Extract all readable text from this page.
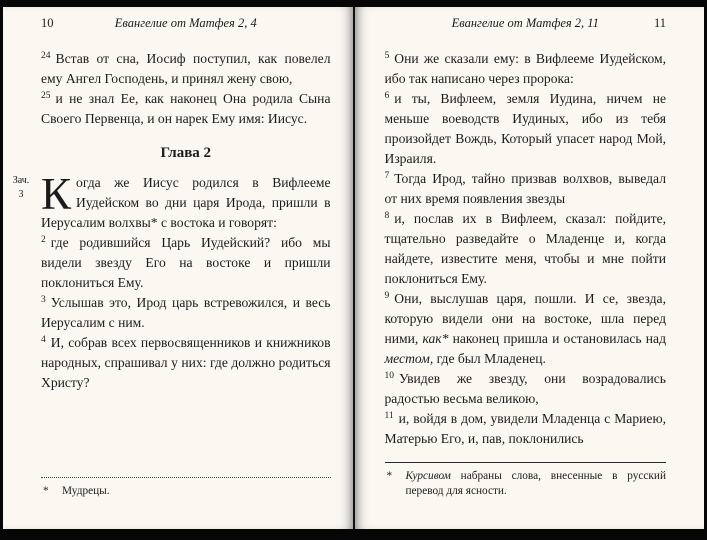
10	Евангелие от Матфея 2, 4

24 Встав от сна, Иосиф поступил, как повелел ему Ангел Господень, и принял жену свою,

25 и не знал Ее, как наконец Она родила Сына Своего Первенца, и он нарек Ему имя: Иисус.

Глава 2

Зач.
3 К огда же Иисус родился в Вифлееме Иудейском во дни царя Ирода, пришли в Иерусалим волхвы* с востока и говорят:

2 где родившийся Царь Иудейский? ибо мы видели звезду Его на востоке и пришли поклониться Ему.

3 Услышав это, Ирод царь встревожился, и весь Иерусалим с ним.

4 И, собрав всех первосвященников и книжников народных, спрашивал у них: где должно родиться Христу?

* Мудрецы.
Евангелие от Матфея 2, 11	11

5 Они же сказали ему: в Вифлееме Иудейском, ибо так написано через пророка:

6 и ты, Вифлеем, земля Иудина, ничем не меньше воеводств Иудиных, ибо из тебя произойдет Вождь, Который упасет народ Мой, Израиля.

7 Тогда Ирод, тайно призвав волхвов, выведал от них время появления звезды

8 и, послав их в Вифлеем, сказал: пойдите, тщательно разведайте о Младенце и, когда найдете, известите меня, чтобы и мне пойти поклониться Ему.

9 Они, выслушав царя, пошли. И се, звезда, которую видели они на востоке, шла перед ними, как* наконец пришла и остановилась над местом, где был Младенец.

10 Увидев же звезду, они возрадовались радостью весьма великою,

11 и, войдя в дом, увидели Младенца с Мариею, Матерью Его, и, пав, поклонились

* Курсивом набраны слова, внесенные в русский перевод для ясности.
